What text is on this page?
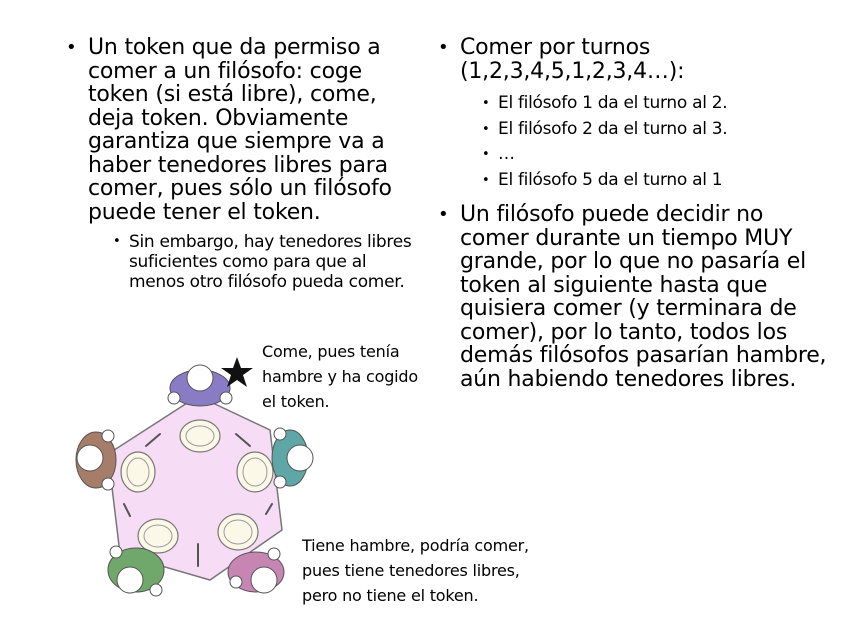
• Un token que da permiso a comer a un filósofo: coge token (si está libre), come, deja token. Obviamente garantiza que siempre va a haber tenedores libres para comer, pues sólo un filósofo puede tener el token.
• Sin embargo, hay tenedores libres suficientes como para que al menos otro filósofo pueda comer.
• Comer por turnos (1,2,3,4,5,1,2,3,4…):
• El filósofo 1 da el turno al 2.
• El filósofo 2 da el turno al 3.
• …
• El filósofo 5 da el turno al 1
• Un filósofo puede decidir no comer durante un tiempo MUY grande, por lo que no pasaría el token al siguiente hasta que quisiera comer (y terminara de comer), por lo tanto, todos los demás filósofos pasarían hambre, aún habiendo tenedores libres.
Come, pues tenía
hambre y ha cogido
el token.
Tiene hambre, podría comer,
pues tiene tenedores libres,
pero no tiene el token.
